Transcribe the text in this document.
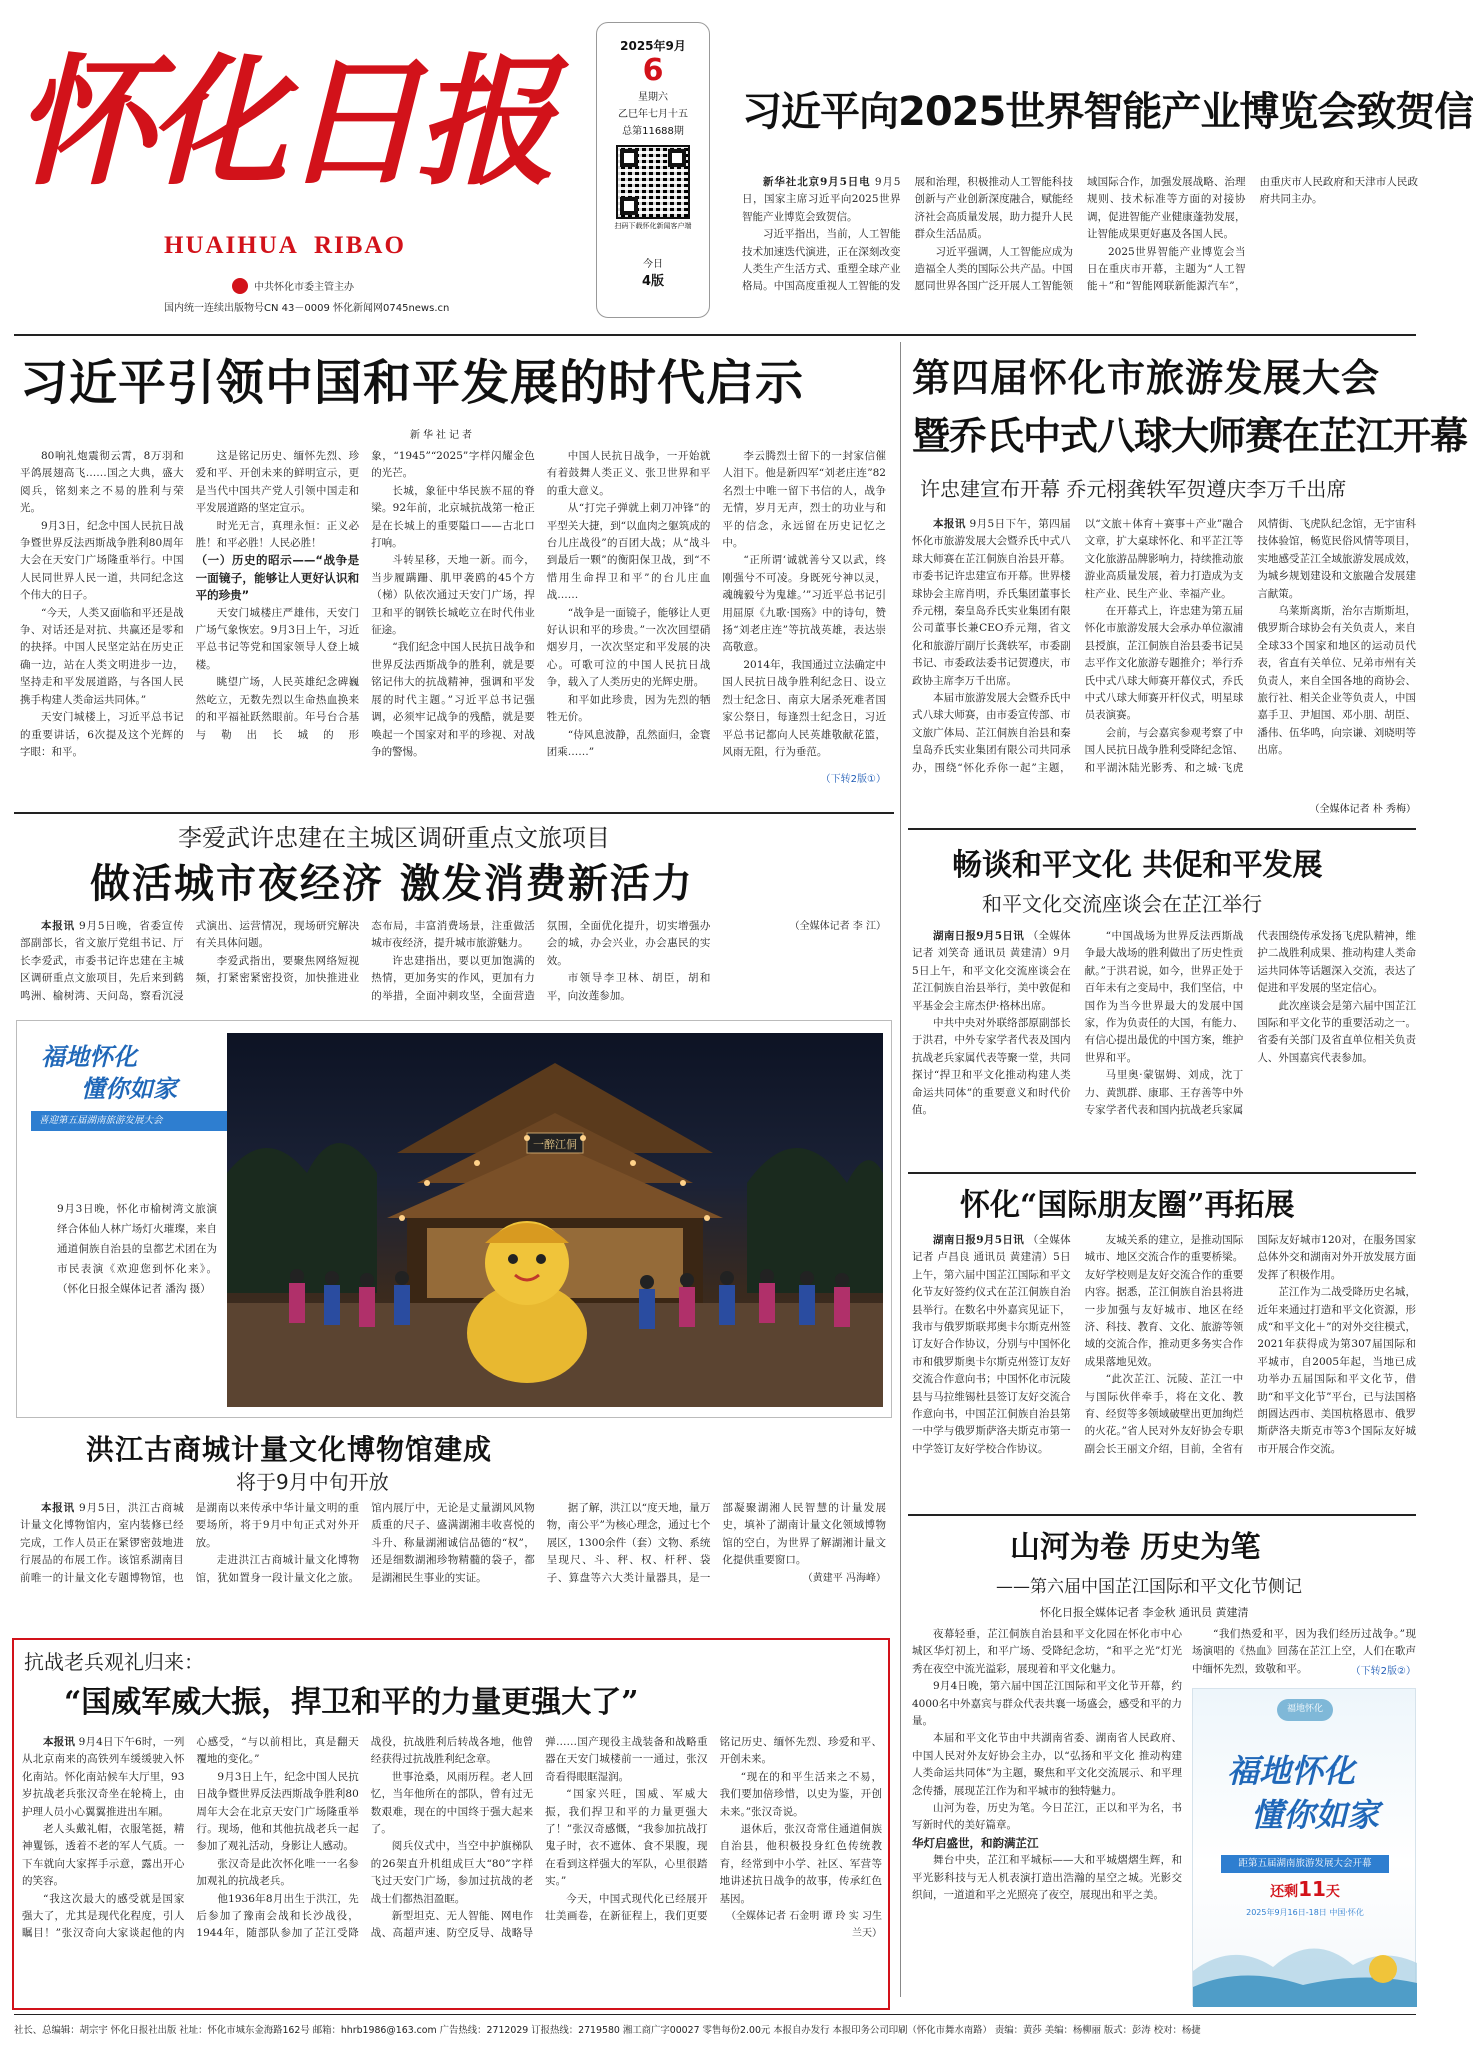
怀化日报
HUAIHUA  RIBAO
中共怀化市委主管主办
国内统一连续出版物号CN 43－0009 怀化新闻网0745news.cn
2025年9月
6
星期六
乙巳年七月十五
总第11688期
扫码下载怀化新闻客户端
今日
4版
习近平向2025世界智能产业博览会致贺信

新华社北京9月5日电 9月5日，国家主席习近平向2025世界智能产业博览会致贺信。

习近平指出，当前，人工智能技术加速迭代演进，正在深刻改变人类生产生活方式、重塑全球产业格局。中国高度重视人工智能的发展和治理，积极推动人工智能科技创新与产业创新深度融合，赋能经济社会高质量发展，助力提升人民群众生活品质。

习近平强调，人工智能应成为造福全人类的国际公共产品。中国愿同世界各国广泛开展人工智能领域国际合作，加强发展战略、治理规则、技术标准等方面的对接协调，促进智能产业健康蓬勃发展，让智能成果更好惠及各国人民。

2025世界智能产业博览会当日在重庆市开幕，主题为“人工智能＋”和“智能网联新能源汽车”，由重庆市人民政府和天津市人民政府共同主办。

习近平引领中国和平发展的时代启示
新华社记者

80响礼炮震彻云霄，8万羽和平鸽展翅高飞……国之大典，盛大阅兵，铭刻来之不易的胜利与荣光。

9月3日，纪念中国人民抗日战争暨世界反法西斯战争胜利80周年大会在天安门广场隆重举行。中国人民同世界人民一道，共同纪念这个伟大的日子。

“今天，人类又面临和平还是战争、对话还是对抗、共赢还是零和的抉择。中国人民坚定站在历史正确一边，站在人类文明进步一边，坚持走和平发展道路，与各国人民携手构建人类命运共同体。”

天安门城楼上，习近平总书记的重要讲话，6次提及这个光辉的字眼：和平。

这是铭记历史、缅怀先烈、珍爱和平、开创未来的鲜明宣示，更是当代中国共产党人引领中国走和平发展道路的坚定宣示。

时光无言，真理永恒：正义必胜！和平必胜！人民必胜！

（一）历史的昭示——“战争是一面镜子，能够让人更好认识和平的珍贵”

天安门城楼庄严雄伟，天安门广场气象恢宏。9月3日上午，习近平总书记等党和国家领导人登上城楼。

眺望广场，人民英雄纪念碑巍然屹立，无数先烈以生命热血换来的和平福祉跃然眼前。年号台合基与勒出长城的形象，“1945”“2025”字样闪耀金色的光芒。

长城，象征中华民族不屈的脊梁。92年前，北京城抗战第一枪正是在长城上的重要隘口——古北口打响。

斗转星移，天地一新。而今，当步履蹒跚、肌甲袭鸥的45个方（梯）队依次通过天安门广场，捍卫和平的钢铁长城屹立在时代伟业征途。

“我们纪念中国人民抗日战争和世界反法西斯战争的胜利，就是要铭记伟大的抗战精神，强调和平发展的时代主题。”习近平总书记强调，必须牢记战争的残酷，就是要唤起一个国家对和平的珍视、对战争的警惕。

中国人民抗日战争，一开始就有着鼓舞人类正义、张卫世界和平的重大意义。

从“打完子弹就上刺刀冲锋”的平型关大捷，到“以血肉之躯筑成的台儿庄战役”的百团大战；从“战斗到最后一颗”的衡阳保卫战，到“不惜用生命捍卫和平”的台儿庄血战……

“战争是一面镜子，能够让人更好认识和平的珍贵。”一次次回望硝烟岁月，一次次坚定和平发展的决心。可歌可泣的中国人民抗日战争，载入了人类历史的光辉史册。

和平如此珍贵，因为先烈的牺牲无价。

“侍风息波静，乱然面归，金寰团乘……”

李云腾烈士留下的一封家信催人泪下。他是新四军“刘老庄连”82名烈士中唯一留下书信的人，战争无情，岁月无声，烈士的功业与和平的信念，永远留在历史记忆之中。

“正所谓‘诚就善兮又以武，终刚强兮不可凌。身既死兮神以灵，魂魄毅兮为鬼雄。’”习近平总书记引用屈原《九歌·国殇》中的诗句，赞扬“刘老庄连”等抗战英雄，表达崇高敬意。

2014年，我国通过立法确定中国人民抗日战争胜利纪念日、设立烈士纪念日、南京大屠杀死难者国家公祭日，每逢烈士纪念日，习近平总书记都向人民英雄敬献花篮，风雨无阻，行为垂范。

（下转2版①）
第四届怀化市旅游发展大会
暨乔氏中式八球大师赛在芷江开幕
许忠建宣布开幕 乔元栩龚轶军贺遵庆李万千出席

本报讯 9月5日下午，第四届怀化市旅游发展大会暨乔氏中式八球大师赛在芷江侗族自治县开幕。市委书记许忠建宣布开幕。世界楼球协会主席肖明，乔氏集团董事长乔元栩，秦皇岛乔氏实业集团有限公司董事长兼CEO乔元翔，省文化和旅游厅副厅长龚轶军，市委副书记、市委政法委书记贺遵庆，市政协主席李万千出席。

本届市旅游发展大会暨乔氏中式八球大师赛，由市委宣传部、市文旅广体局、芷江侗族自治县和秦皇岛乔氏实业集团有限公司共同承办，围绕“怀化乔你一起”主题，以“文旅＋体育＋赛事＋产业”融合文章，扩大桌球怀化、和平芷江等文化旅游品牌影响力，持续推动旅游业高质量发展，着力打造成为支柱产业、民生产业、幸福产业。

在开幕式上，许忠建为第五届怀化市旅游发展大会承办单位溆浦县授旗，芷江侗族自治县委书记吴志平作文化旅游专题推介；举行乔氏中式八球大师赛开幕仪式，乔氏中式八球大师赛开杆仪式，明星球员表演赛。

会前，与会嘉宾参观考察了中国人民抗日战争胜利受降纪念馆、和平湖沐陆光影秀、和之城·飞虎风情街、飞虎队纪念馆，无宇宙科技体验馆，畅览民俗风情等项目，实地感受芷江全域旅游发展成效，为城乡规划建设和文旅融合发展建言献策。

乌莱斯离斯，治尔吉斯斯坦，俄罗斯合球协会有关负责人，来自全球33个国家和地区的运动员代表，省直有关单位、兄弟市州有关负责人，来自全国各地的商协会、旅行社、相关企业等负责人，中国嘉手卫、尹旭国、邓小朋、胡臣、潘伟、伍华鸣，向宗谦、刘晓明等出席。

（全媒体记者 朴 秀梅）
李爱武许忠建在主城区调研重点文旅项目
做活城市夜经济 激发消费新活力

本报讯 9月5日晚，省委宣传部副部长，省文旅厅党组书记、厅长李爱武，市委书记许忠建在主城区调研重点文旅项目，先后来到鹤鸣洲、榆树湾、天问岛，察看沉浸式演出、运营情况，现场研究解决有关具体问题。

李爱武指出，要聚焦网络短视频，打紧密紧密投资，加快推进业态布局，丰富消费场景，注重做活城市夜经济，提升城市旅游魅力。

许忠建指出，要以更加饱满的热情，更加务实的作风，更加有力的举措，全面冲刺攻坚，全面营造氛围，全面优化提升，切实增强办会的城，办会兴业，办会惠民的实效。

市领导李卫林、胡臣，胡和平，向汝莲参加。

（全媒体记者 李 江）
福地怀化
懂你如家
喜迎第五届湖南旅游发展大会
9月3日晚，怀化市榆树湾文旅演绎合体仙人林广场灯火璀璨，来自通道侗族自治县的皇都艺术团在为市民表演《欢迎您到怀化来》。 （怀化日报全媒体记者 潘沟 摄）
一醉江侗
洪江古商城计量文化博物馆建成
将于9月中旬开放

本报讯 9月5日，洪江古商城计量文化博物馆内，室内装修已经完成，工作人员正在紧锣密鼓地进行展品的布展工作。该馆系湖南目前唯一的计量文化专题博物馆，也是湖南以来传承中华计量文明的重要场所，将于9月中旬正式对外开放。

走进洪江古商城计量文化博物馆，犹如置身一段计量文化之旅。馆内展厅中，无论是丈量湖风风物质重的尺子、盛满湖湘丰收喜悦的斗升、称量湖湘诚信品德的“权”，还是细数湖湘珍物精髓的袋子，都是湖湘民生事业的实证。

据了解，洪江以“度天地，量万物，南公平”为核心理念，通过七个展区，1300余件（套）文物、系统呈现尺、斗、秤、权、杆秤、袋子、算盘等六大类计量器具，是一部凝聚湖湘人民智慧的计量发展史，填补了湖南计量文化领域博物馆的空白，为世界了解湖湘计量文化提供重要窗口。

（黄建平 冯海峰）
抗战老兵观礼归来：
“国威军威大振，捍卫和平的力量更强大了”

本报讯 9月4日下午6时，一列从北京南来的高铁列车缓缓驶入怀化南站。怀化南站候车大厅里，93岁抗战老兵张汉奇坐在轮椅上，由护理人员小心翼翼推进出车厢。

老人头戴礼帽，衣服笔挺，精神矍铄，透着不老的军人气质。一下车就向大家挥手示意，露出开心的笑容。

“我这次最大的感受就是国家强大了，尤其是现代化程度，引人瞩目！”张汉奇向大家谈起他的内心感受，“与以前相比，真是翻天覆地的变化。”

9月3日上午，纪念中国人民抗日战争暨世界反法西斯战争胜利80周年大会在北京天安门广场隆重举行。现场，他和其他抗战老兵一起参加了观礼活动，身影让人感动。

张汉奇是此次怀化唯一一名参加观礼的抗战老兵。

他1936年8月出生于洪江，先后参加了豫南会战和长沙战役，1944年，随部队参加了芷江受降战役，抗战胜利后转战各地，他曾经获得过抗战胜利纪念章。

世事沧桑，风雨历程。老人回忆，当年他所在的部队，曾有过无数艰难，现在的中国终于强大起来了。

阅兵仪式中，当空中护旗梯队的26架直升机组成巨大“80”字样飞过天安门广场，参加过抗战的老战士们都热泪盈眶。

新型坦克、无人智能、网电作战、高超声速、防空反导、战略导弹……国产现役主战装备和战略重器在天安门城楼前一一通过，张汉奇看得眼眶湿润。

“国家兴旺，国威、军威大振，我们捍卫和平的力量更强大了！”张汉奇感慨，“我参加抗战打鬼子时，衣不遮体、食不果腹，现在看到这样强大的军队，心里很踏实。”

今天，中国式现代化已经展开壮美画卷，在新征程上，我们更要铭记历史、缅怀先烈、珍爱和平、开创未来。

“现在的和平生活来之不易，我们要加倍珍惜，以史为鉴，开创未来。”张汉奇说。

退休后，张汉奇常住通道侗族自治县，他积极投身红色传统教育，经常到中小学、社区、军营等地讲述抗日战争的故事，传承红色基因。

（全媒体记者 石金明 谭 玲 实 习生 兰天）
畅谈和平文化 共促和平发展
和平文化交流座谈会在芷江举行

湖南日报9月5日讯 （全媒体记者 刘笑奇 通讯员 黄建清）9月5日上午，和平文化交流座谈会在芷江侗族自治县举行，美中敦促和平基金会主席杰伊·格林出席。

中共中央对外联络部原副部长于洪君，中外专家学者代表及国内抗战老兵家属代表等聚一堂，共同探讨“捍卫和平文化推动构建人类命运共同体”的重要意义和时代价值。

“中国战场为世界反法西斯战争最大战场的胜利做出了历史性贡献。”于洪君说，如今，世界正处于百年未有之变局中，我们坚信，中国作为当今世界最大的发展中国家，作为负责任的大国，有能力、有信心提出最优的中国方案，维护世界和平。

马里奥·蒙锯姆、刘成，沈丁力、黄凯群、康耶、王存善等中外专家学者代表和国内抗战老兵家属代表围绕传承发扬飞虎队精神，维护二战胜利成果、推动构建人类命运共同体等话题深入交流，表达了促进和平发展的坚定信心。

此次座谈会是第六届中国芷江国际和平文化节的重要活动之一。省委有关部门及省直单位相关负责人、外国嘉宾代表参加。

怀化“国际朋友圈”再拓展

湖南日报9月5日讯 （全媒体记者 卢昌良 通讯员 黄建清）5日上午，第六届中国芷江国际和平文化节友好签约仪式在芷江侗族自治县举行。在数名中外嘉宾见证下，我市与俄罗斯联邦奥卡尔斯克州签订友好合作协议，分别与中国怀化市和俄罗斯奥卡尔斯克州签订友好交流合作意向书；中国怀化市沅陵县与马拉维锡杜县签订友好交流合作意向书，中国芷江侗族自治县第一中学与俄罗斯萨洛夫斯克市第一中学签订友好学校合作协议。

友城关系的建立，是推动国际城市、地区交流合作的重要桥梁。友好学校则是友好交流合作的重要内容。据悉，芷江侗族自治县将进一步加强与友好城市、地区在经济、科技、教育、文化、旅游等领域的交流合作，推动更多务实合作成果落地见效。

“此次芷江、沅陵、芷江一中与国际伙伴牵手，将在文化、教育、经贸等多领域破壁出更加绚烂的火花。”省人民对外友好协会专职副会长王丽文介绍，目前，全省有国际友好城市120对，在服务国家总体外交和湖南对外开放发展方面发挥了积极作用。

芷江作为二战受降历史名城，近年来通过打造和平文化资源，形成“和平文化＋”的对外交往模式，2021年获得成为第307届国际和平城市，自2005年起，当地已成功举办五届国际和平文化节，借助“和平文化节”平台，已与法国格朗圆达西市、美国杭格恩市、俄罗斯萨洛夫斯克市等3个国际友好城市开展合作交流。

山河为卷 历史为笔
——第六届中国芷江国际和平文化节侧记
怀化日报全媒体记者 李金秋 通讯员 黄建清

夜幕轻垂，芷江侗族自治县和平文化园在怀化市中心城区华灯初上，和平广场、受降纪念坊，“和平之光”灯光秀在夜空中流光溢彩，展现着和平文化魅力。

9月4日晚，第六届中国芷江国际和平文化节开幕，约4000名中外嘉宾与群众代表共襄一场盛会，感受和平的力量。

本届和平文化节由中共湖南省委、湖南省人民政府、中国人民对外友好协会主办，以“弘扬和平文化 推动构建人类命运共同体”为主题，聚焦和平文化交流展示、和平理念传播，展现芷江作为和平城市的独特魅力。

山河为卷，历史为笔。今日芷江，正以和平为名，书写新时代的美好篇章。

华灯启盛世，和韵满芷江

舞台中央，芷江和平城标——大和平城熠熠生辉，和平光影科技与无人机表演打造出浩瀚的星空之城。光影交织间，一道道和平之光照亮了夜空，展现出和平之美。

“我们热爱和平，因为我们经历过战争。”现场演唱的《热血》回荡在芷江上空，人们在歌声中缅怀先烈，致敬和平。	（下转2版②）
福地怀化
福地怀化
懂你如家
距第五届湖南旅游发展大会开幕
还剩11天
2025年9月16日-18日 中国·怀化
社长、总编辑：胡宗宇 怀化日报社出版 社址：怀化市城东金海路162号 邮箱：hhrb1986@163.com 广告热线：2712029 订报热线：2719580 湘工商广字00027 零售每份2.00元 本报自办发行 本报印务公司印刷（怀化市舞水南路） 责编：黄莎 美编：杨柳丽 版式：彭涛 校对：杨捷
